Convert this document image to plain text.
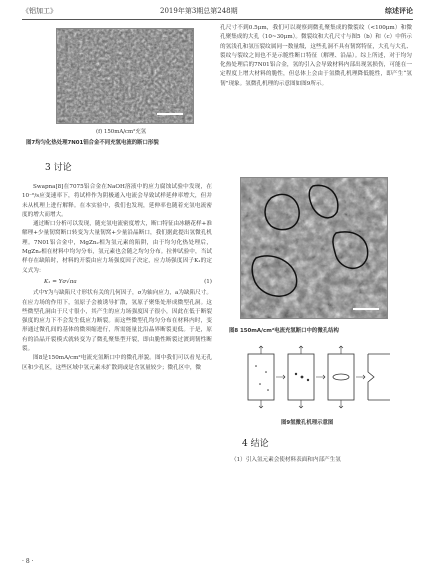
《铝加工》	2019年第3期总第248期	综述评论
(f) 150mA/cm²充氢
图7均匀化热处理7N01铝合金不同充氢电流的断口形貌
3 讨论

Swapna[8]在7075铝合金在NaOH溶液中的应力腐蚀试验中发现，在10⁻⁶/s应变速率下，将试样作为阴极通入电流会导致试样延伸率增大，但并未从机理上进行解释。在本实验中，我们也发现，延伸率也随着充氢电流密度的增大而增大。

通过断口分析可以发现，随充氢电流密度增大，断口特征由冰糖花样+准解理+少量韧窝断口转变为大量韧窝+少量沿晶断口，我们据此提出氢微孔机理。7N01铝合金中，MgZn₂相为氢元素的陷阱，由于均匀化热处理后，MgZn₂相在材料中均匀分布，氢元素也会随之均匀分布。拉伸试验中，当试样存在缺陷时，材料的开裂由应力场强度因子决定，应力场强度因子K₁的定义式为：

K₁ = Yσ√πa	(1)

式中Y为与缺陷尺寸形状有关的几何因子，σ为轴向应力，a为缺陷尺寸。在应力场的作用下，氢原子会被诱导扩散，氢原子聚集处形成微型孔洞。这些微型孔洞由于尺寸很小，其产生的应力场强度因子很小，因此在低于断裂强度的应力下不会发生低应力断裂。而这些微型孔均匀分布在材料内时，变形通过微孔间的基体的微须缩进行，所需能量比沿晶界断裂更低。于是，原有的沿晶开裂模式就转变为了微孔聚集型开裂，即由脆性断裂过渡到韧性断裂。

图8是150mA/cm²电流充氢断口中的微孔形貌。图中我们可以看见无孔区和少孔区，这些区域中氢元素未扩散到或是含氢量较少；微孔区中，微

孔尺寸不到0.5μm，我们可以观察到微孔聚集成的微裂纹（<100μm）和微孔聚集成的大孔（10~30μm）。微裂纹和大孔尺寸与图5（b）和（c）中所示的氢浅孔和氢压裂纹属同一数量级，这些孔洞不具有韧窝特征，大孔与大孔、裂纹与裂纹之间也不是示脆性断口特征（解理、沿晶）。综上所述，对于均匀化热处理后的7N01铝合金，氢的引入会导致材料内部出现氢损伤，可能在一定程度上增大材料的脆性，但总体上会由于氢微孔机理降低脆性，即产生“氢韧”现象。氢微孔机理的示意图如图9所示。

图8 150mA/cm²电流充氢断口中的微孔结构
图9氢微孔机理示意图
4 结论

（1）引入氢元素会使材料表面和内部产生氢

· 8 ·
